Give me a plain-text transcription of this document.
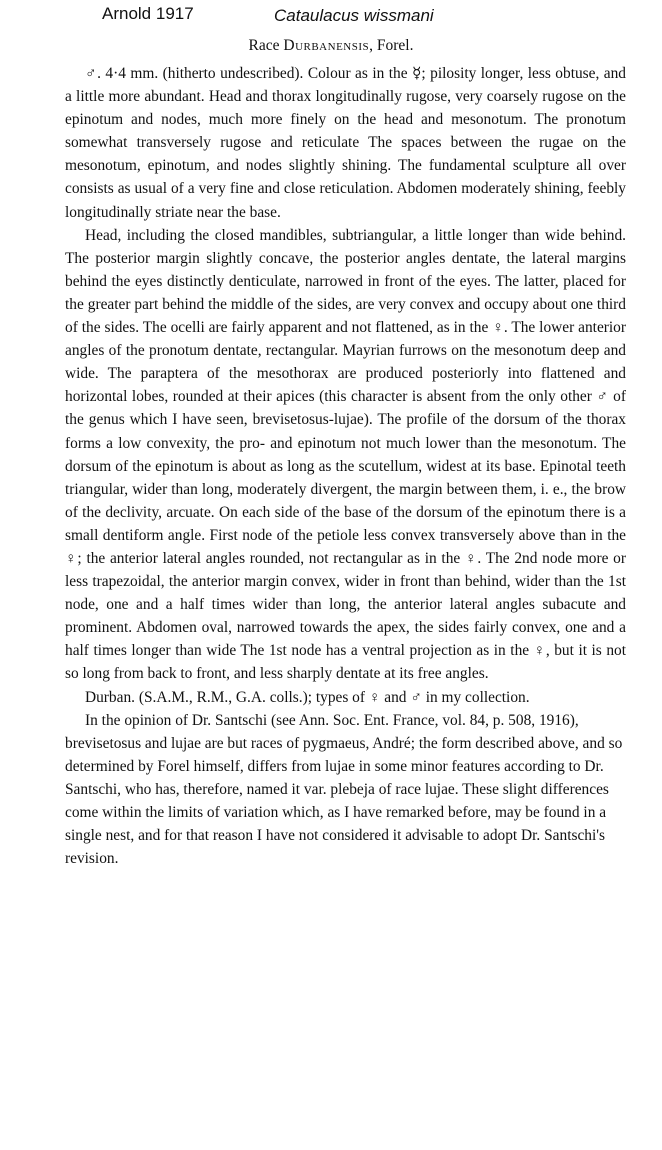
Arnold 1917	Cataulacus wissmani
Race Durbanensis, Forel.

♂. 4·4 mm. (hitherto undescribed). Colour as in the ☿; pilosity longer, less obtuse, and a little more abundant. Head and thorax longitudinally rugose, very coarsely rugose on the epinotum and nodes, much more finely on the head and mesonotum. The pronotum somewhat transversely rugose and reticulate The spaces between the rugae on the mesonotum, epinotum, and nodes slightly shining. The fundamental sculpture all over consists as usual of a very fine and close reticulation. Abdomen moderately shining, feebly longitudinally striate near the base.

Head, including the closed mandibles, subtriangular, a little longer than wide behind. The posterior margin slightly concave, the posterior angles dentate, the lateral margins behind the eyes distinctly denticulate, narrowed in front of the eyes. The latter, placed for the greater part behind the middle of the sides, are very convex and occupy about one third of the sides. The ocelli are fairly apparent and not flattened, as in the ♀. The lower anterior angles of the pronotum dentate, rectangular. Mayrian furrows on the mesonotum deep and wide. The paraptera of the mesothorax are produced posteriorly into flattened and horizontal lobes, rounded at their apices (this character is absent from the only other ♂ of the genus which I have seen, brevisetosus-lujae). The profile of the dorsum of the thorax forms a low convexity, the pro- and epinotum not much lower than the mesonotum. The dorsum of the epinotum is about as long as the scutellum, widest at its base. Epinotal teeth triangular, wider than long, moderately divergent, the margin between them, i. e., the brow of the declivity, arcuate. On each side of the base of the dorsum of the epinotum there is a small dentiform angle. First node of the petiole less convex transversely above than in the ♀; the anterior lateral angles rounded, not rectangular as in the ♀. The 2nd node more or less trapezoidal, the anterior margin convex, wider in front than behind, wider than the 1st node, one and a half times wider than long, the anterior lateral angles subacute and prominent. Abdomen oval, narrowed towards the apex, the sides fairly convex, one and a half times longer than wide The 1st node has a ventral projection as in the ♀, but it is not so long from back to front, and less sharply dentate at its free angles.

Durban. (S.A.M., R.M., G.A. colls.); types of ♀ and ♂ in my collection.

In the opinion of Dr. Santschi (see Ann. Soc. Ent. France, vol. 84, p. 508, 1916), brevisetosus and lujae are but races of pygmaeus, André; the form described above, and so determined by Forel himself, differs from lujae in some minor features according to Dr. Santschi, who has, therefore, named it var. plebeja of race lujae. These slight differences come within the limits of variation which, as I have remarked before, may be found in a single nest, and for that reason I have not considered it advisable to adopt Dr. Santschi's revision.
